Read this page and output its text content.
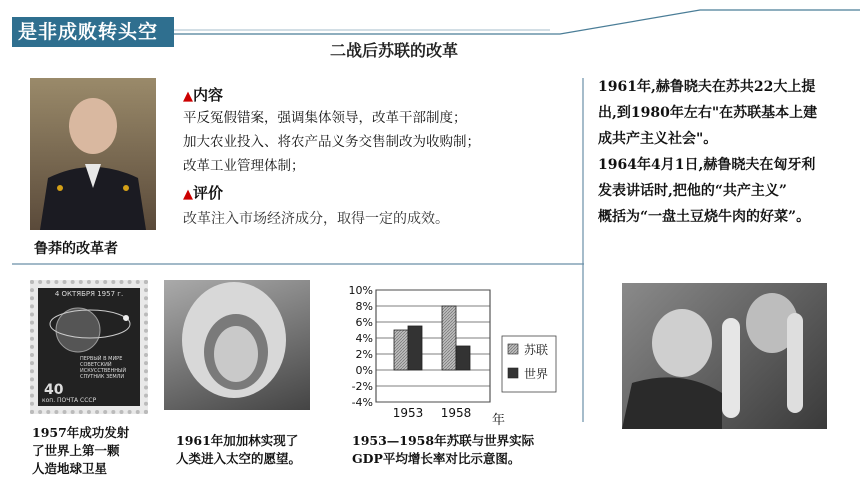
是非成败转头空
二战后苏联的改革
鲁莽的改革者
▲内容
平反冤假错案，强调集体领导，改革干部制度；
加大农业投入、将农产品义务交售制改为收购制；
改革工业管理体制；
▲评价
改革注入市场经济成分，取得一定的成效。
1961年,赫鲁晓夫在苏共22大上提
出,到1980年左右"在苏联基本上建
成共产主义社会"。
1964年4月1日,赫鲁晓夫在匈牙利
发表讲话时,把他的“共产主义”
概括为“一盘土豆烧牛肉的好菜”。
4 ОКТЯБРЯ 1957 г.
ПЕРВЫЙ В МИРЕ
СОВЕТСКИЙ
ИСКУССТВЕННЫЙ
СПУТНИК ЗЕМЛИ
40
коп. ПОЧТА СССР
1957年成功发射
了世界上第一颗
人造地球卫星
1961年加加林实现了
人类进入太空的愿望。
10%
8%
6%
4%
2%
0%
-2%
-4%
1953 1958 年
苏联
世界
1953—1958年苏联与世界实际
GDP平均增长率对比示意图。
